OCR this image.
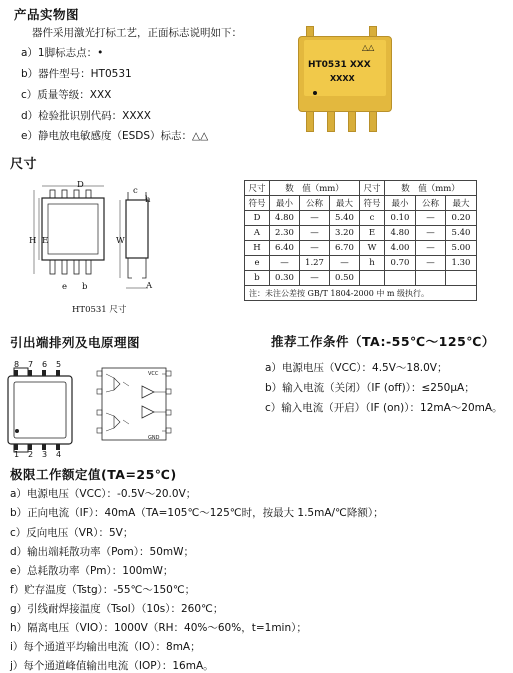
产品实物图
器件采用激光打标工艺，正面标志说明如下：
a）1脚标志点：•
b）器件型号：HT0531
c）质量等级：XXX
d）检验批识别代码：XXXX
e）静电放电敏感度（ESDS）标志：△△
△△
HT0531 XXX
XXXX
尺寸
D
H E
e b
c
h
W
A
HT0531 尺寸
尺寸	数　值（mm）			尺寸	数　值（mm）		
符号	最小	公称	最大	符号	最小	公称	最大
D	4.80	—	5.40	c	0.10	—	0.20
A	2.30	—	3.20	E	4.80	—	5.40
H	6.40	—	6.70	W	4.00	—	5.00
e	—	1.27	—	h	0.70	—	1.30
b	0.30	—	0.50				
注：未注公差按 GB/T 1804-2000 中 m 级执行。							
引出端排列及电原理图
8 7 6 5
1 2 3 4
VCC
GND
推荐工作条件（TA:-55℃～125℃）
a）电源电压（VCC）：4.5V～18.0V；
b）输入电流（关闭）（IF (off)）：≤250μA；
c）输入电流（开启）（IF (on)）：12mA～20mA。
极限工作额定值(TA=25℃)
a）电源电压（VCC）：-0.5V～20.0V；
b）正向电流（IF）：40mA（TA=105℃～125℃时，按最大 1.5mA/℃降额）；
c）反向电压（VR）：5V；
d）输出端耗散功率（Pom）：50mW；
e）总耗散功率（Pm）：100mW；
f）贮存温度（Tstg）：-55℃～150℃；
g）引线耐焊接温度（Tsol）（10s）：260℃；
h）隔离电压（VIO）：1000V（RH：40%～60%，t=1min）；
i）每个通道平均输出电流（IO）：8mA；
j）每个通道峰值输出电流（IOP）：16mA。
